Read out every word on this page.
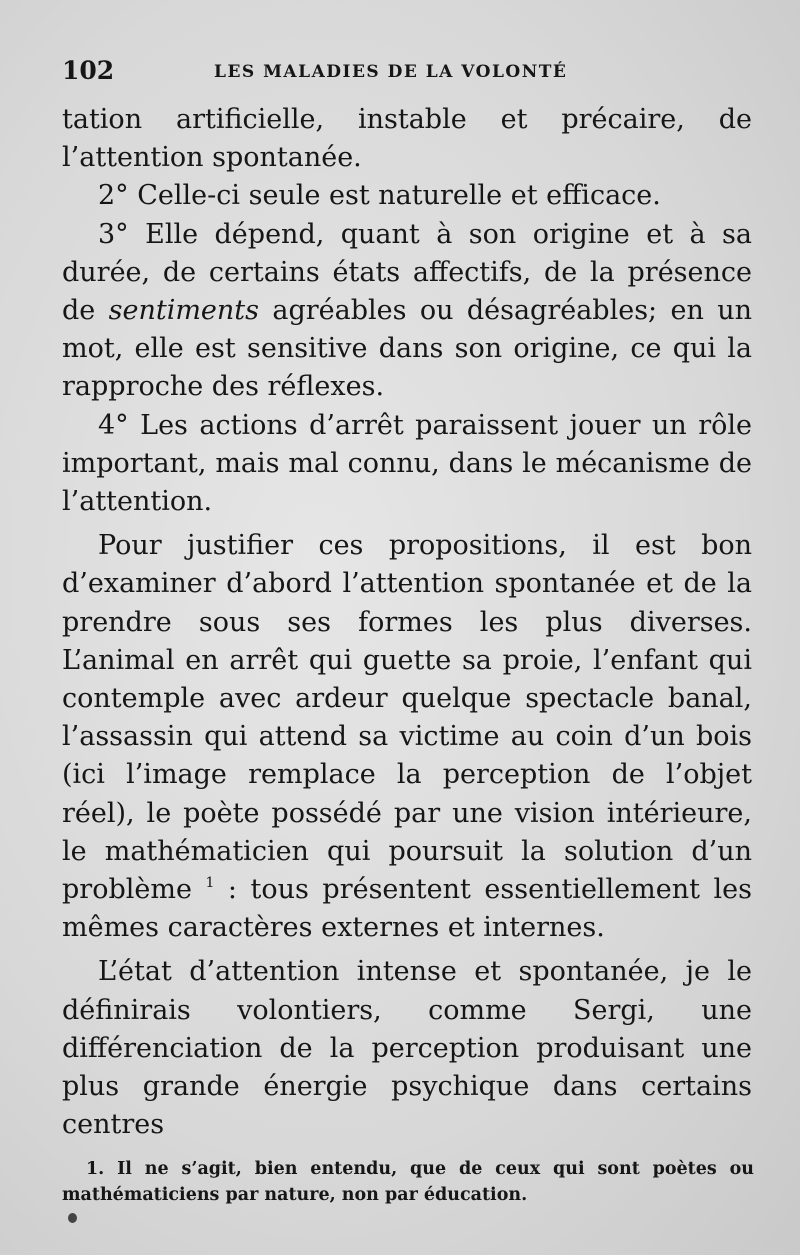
102	LES MALADIES DE LA VOLONTÉ

tation artificielle, instable et précaire, de l’attention spontanée.

2° Celle-ci seule est naturelle et efficace.

3° Elle dépend, quant à son origine et à sa durée, de certains états affectifs, de la présence de sentiments agréables ou désagréables; en un mot, elle est sensitive dans son origine, ce qui la rapproche des réflexes.

4° Les actions d’arrêt paraissent jouer un rôle important, mais mal connu, dans le mécanisme de l’attention.

Pour justifier ces propositions, il est bon d’examiner d’abord l’attention spontanée et de la prendre sous ses formes les plus diverses. L’animal en arrêt qui guette sa proie, l’enfant qui contemple avec ardeur quelque spectacle banal, l’assassin qui attend sa victime au coin d’un bois (ici l’image remplace la perception de l’objet réel), le poète possédé par une vision intérieure, le mathématicien qui poursuit la solution d’un problème $^1$ : tous présentent essentiellement les mêmes caractères externes et internes.

L’état d’attention intense et spontanée, je le définirais volontiers, comme Sergi, une différenciation de la perception produisant une plus grande énergie psychique dans certains centres

1. Il ne s’agit, bien entendu, que de ceux qui sont poètes ou mathématiciens par nature, non par éducation.
